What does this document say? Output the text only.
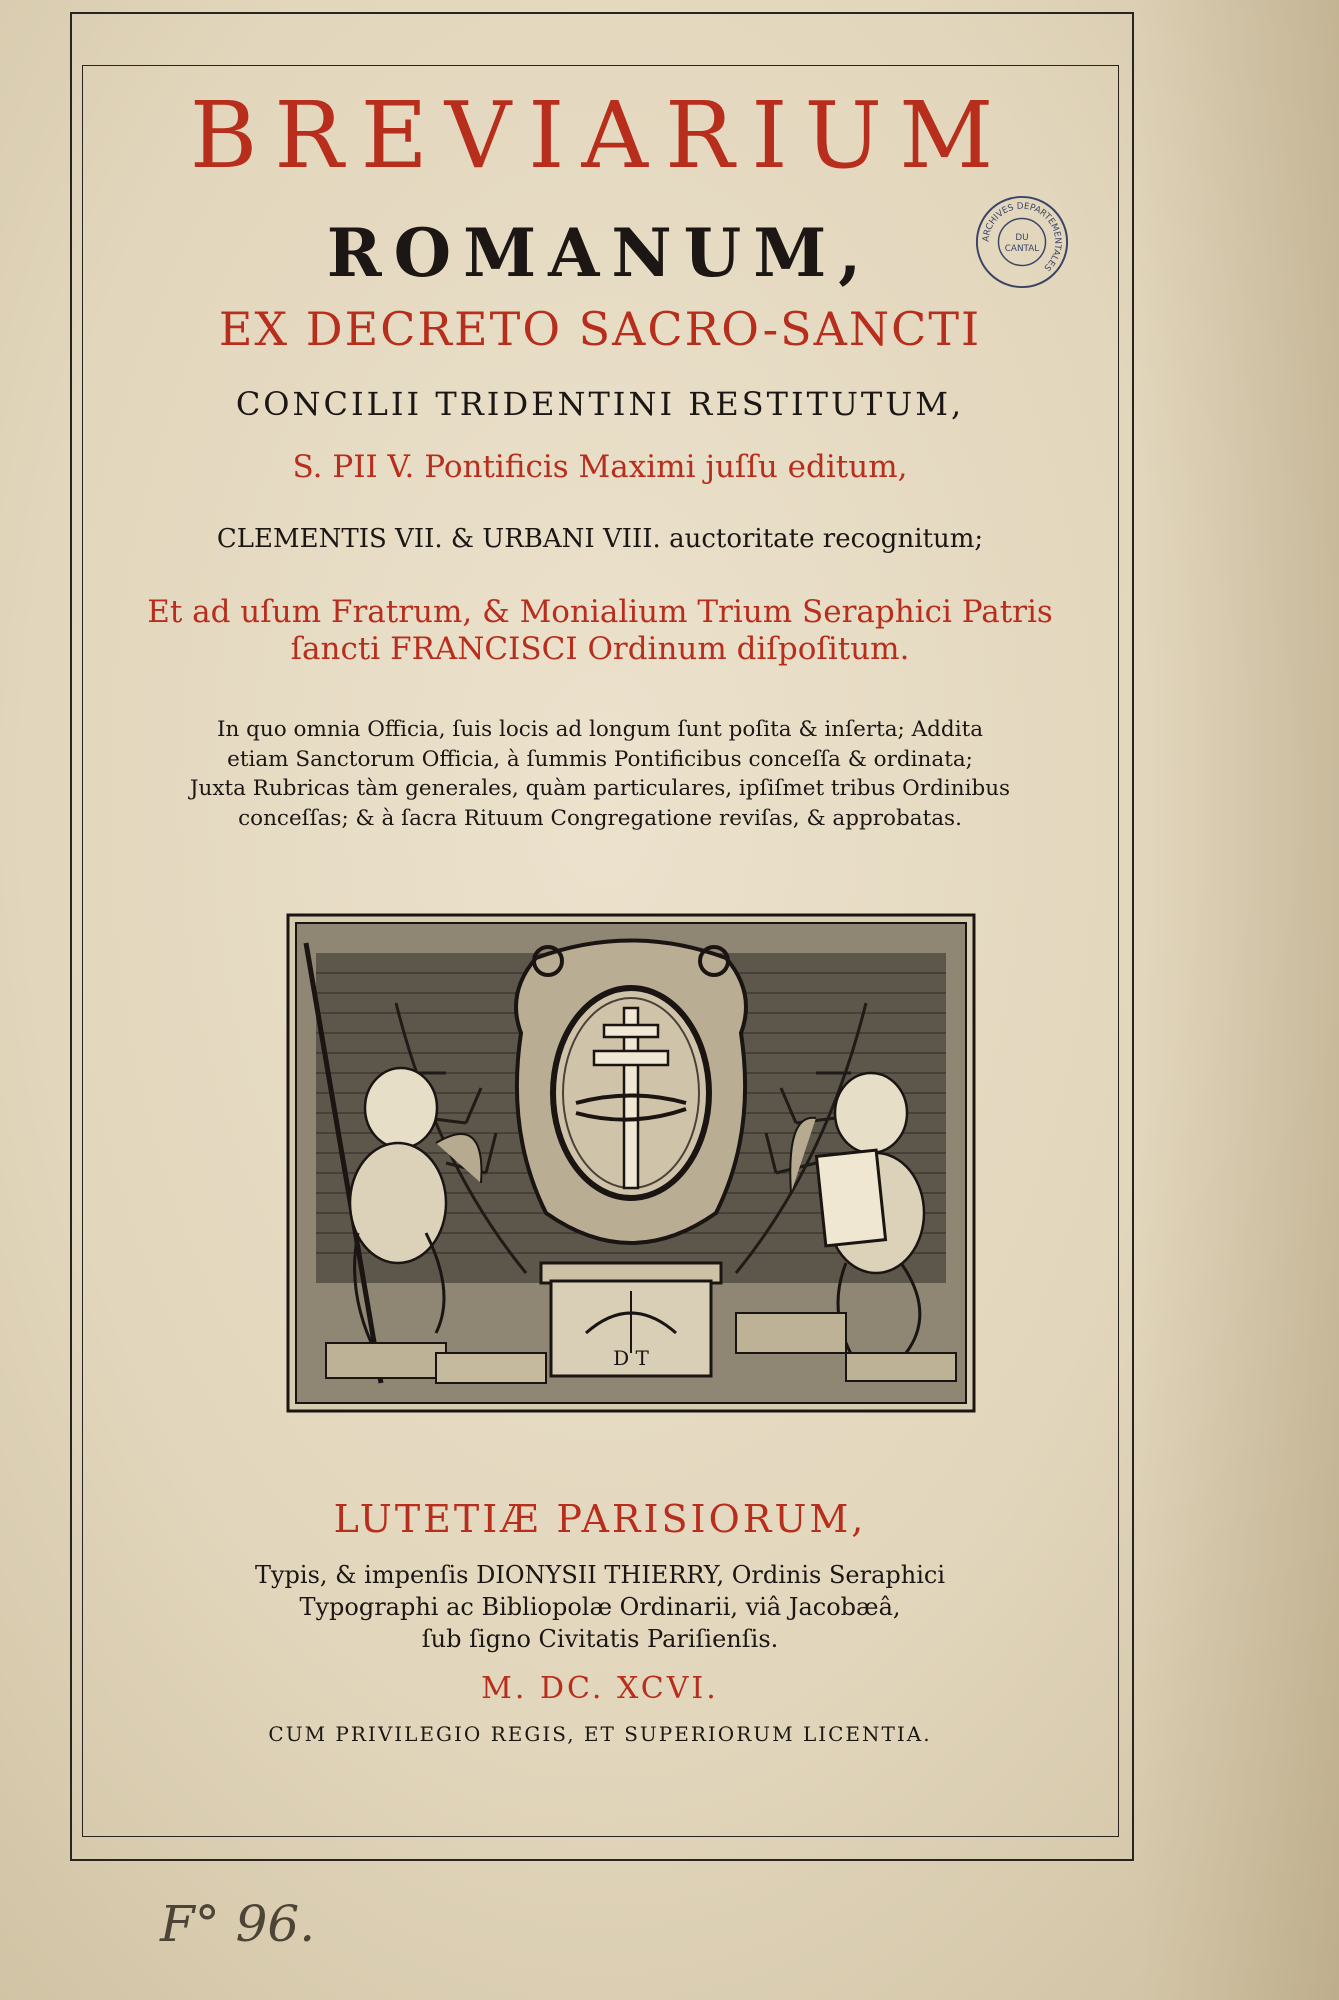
BREVIARIUM
ROMANUM,
EX DECRETO SACRO-SANCTI
CONCILII TRIDENTINI RESTITUTUM,
S. PII V. Pontificis Maximi juſſu editum,
CLEMENTIS VII. & URBANI VIII. auctoritate recognitum;
Et ad uſum Fratrum, & Monialium Trium Seraphici Patris
ſancti FRANCISCI Ordinum diſpoſitum.
In quo omnia Officia, ſuis locis ad longum ſunt poſita & inſerta; Addita
etiam Sanctorum Officia, à ſummis Pontificibus conceſſa & ordinata;
Juxta Rubricas tàm generales, quàm particulares, ipſiſmet tribus Ordinibus
conceſſas; & à ſacra Rituum Congregatione reviſas, & approbatas.
ARCHIVES DEPARTEMENTALES
DU
CANTAL
D T
LUTETIÆ PARISIORUM,
Typis, & impenſis DIONYSII THIERRY, Ordinis Seraphici
Typographi ac Bibliopolæ Ordinarii, viâ Jacobæâ,
ſub ſigno Civitatis Pariſienſis.
M. DC. XCVI.
CUM PRIVILEGIO REGIS, ET SUPERIORUM LICENTIA.
F° 96.
